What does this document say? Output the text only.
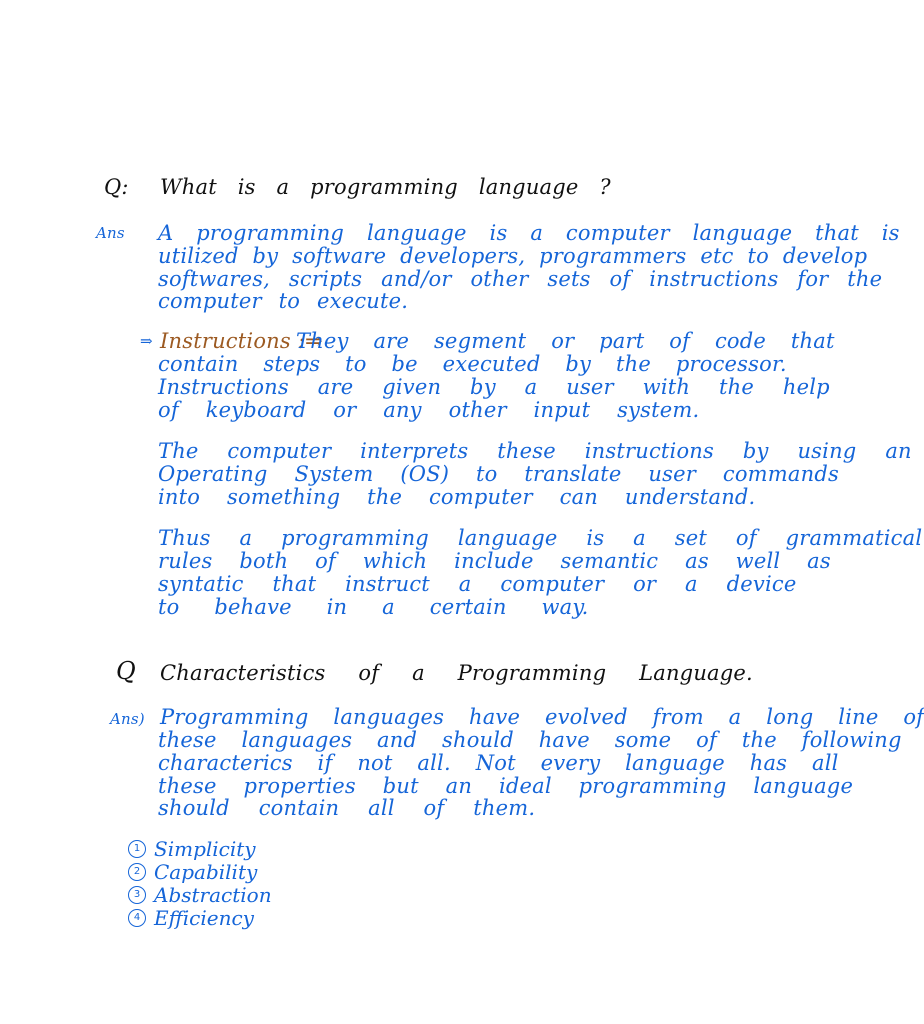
Q: What is a programming language ?
Ans A programming language is a computer language that is
utilized by software developers, programmers etc to develop
softwares, scripts and/or other sets of instructions for the
computer to execute.
⇒ Instructions :⇒
They are segment or part of code that
contain steps to be executed by the processor.
Instructions are given by a user with the help
of keyboard or any other input system.
The computer interprets these instructions by using an
Operating System (OS) to translate user commands
into something the computer can understand.
Thus a programming language is a set of grammatical
rules both of which include semantic as well as
syntatic that instruct a computer or a device
to behave in a certain way.
Q Characteristics of a Programming Language.
Ans) Programming languages have evolved from a long line of
these languages and should have some of the following
characterics if not all. Not every language has all
these properties but an ideal programming language
should contain all of them.
1 Simplicity
2 Capability
3 Abstraction
4 Efficiency
